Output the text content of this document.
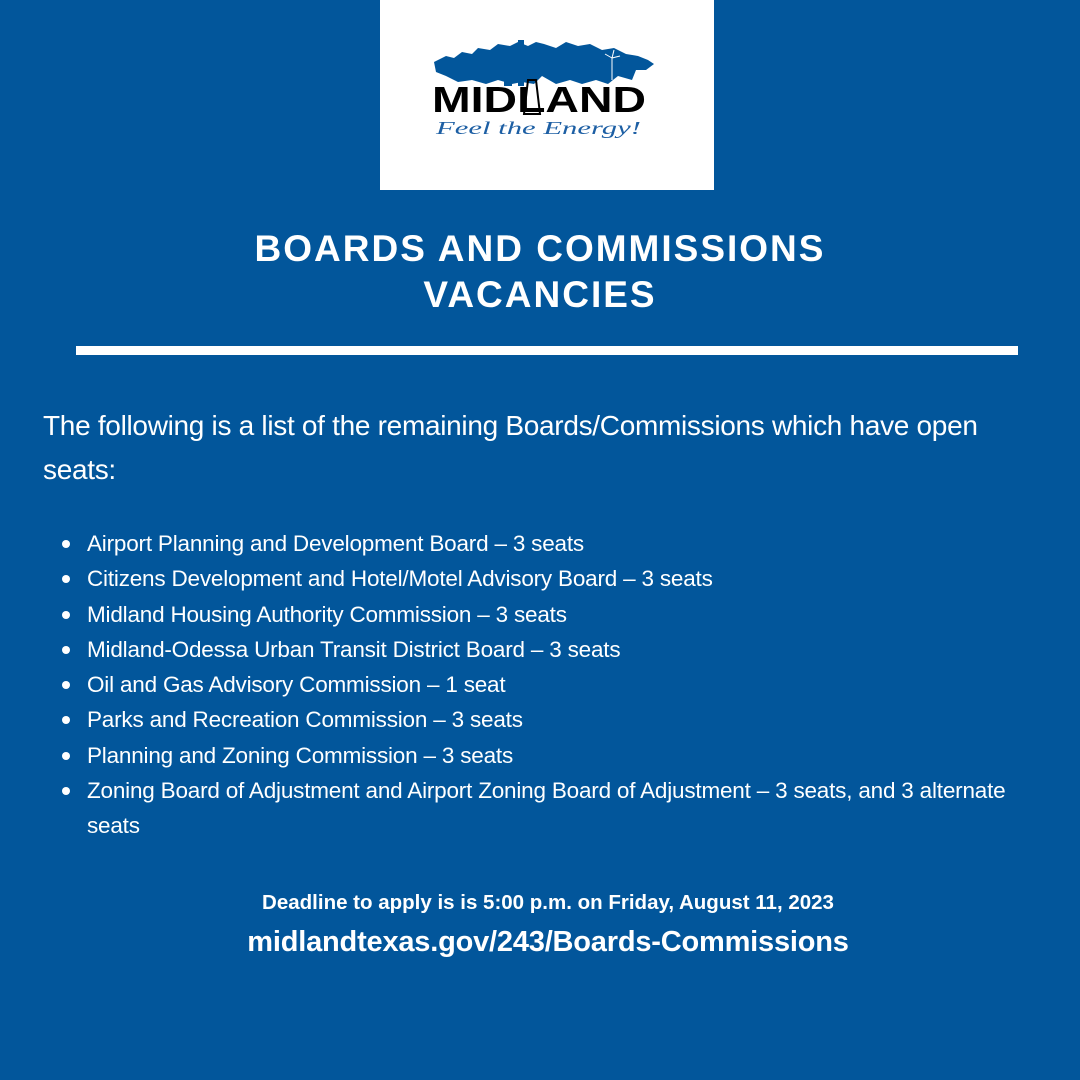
MIDLAND
Feel the Energy!
BOARDS AND COMMISSIONS
VACANCIES
The following is a list of the remaining Boards/Commissions which have open seats:
Airport Planning and Development Board – 3 seats
Citizens Development and Hotel/Motel Advisory Board – 3 seats
Midland Housing Authority Commission – 3 seats
Midland-Odessa Urban Transit District Board – 3 seats
Oil and Gas Advisory Commission – 1 seat
Parks and Recreation Commission – 3 seats
Planning and Zoning Commission – 3 seats
Zoning Board of Adjustment and Airport Zoning Board of Adjustment – 3 seats, and 3 alternate seats
Deadline to apply is is 5:00 p.m. on Friday, August 11, 2023
midlandtexas.gov/243/Boards-Commissions
